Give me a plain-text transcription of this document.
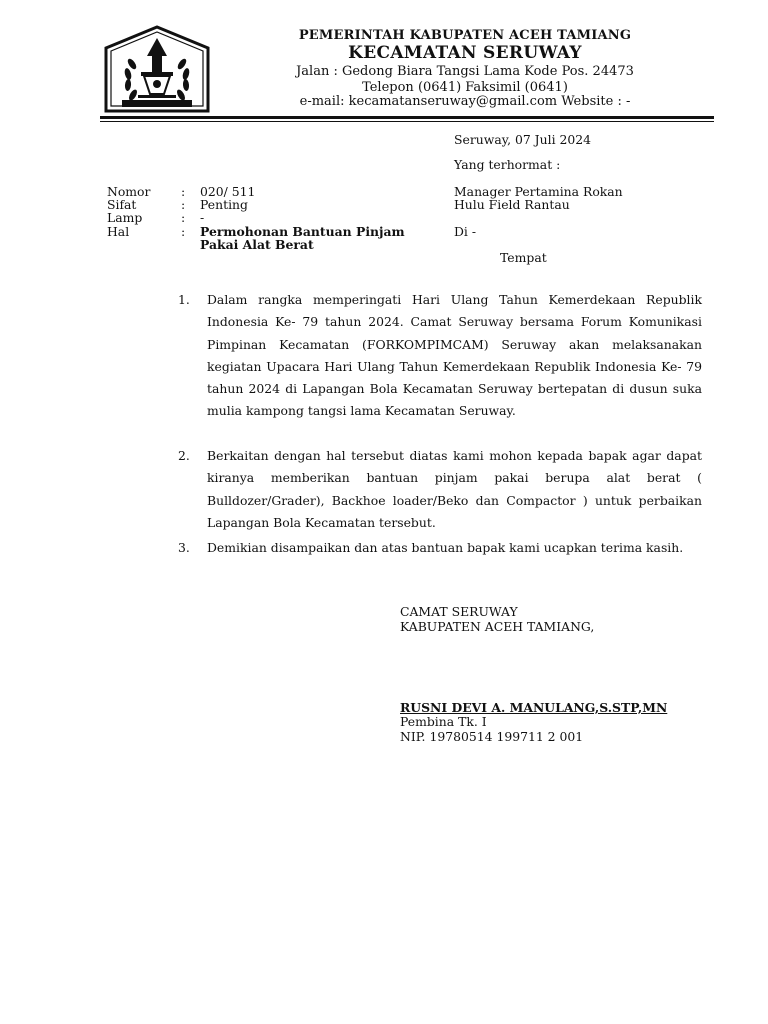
PEMERINTAH KABUPATEN ACEH TAMIANG
KECAMATAN SERUWAY
Jalan : Gedong Biara Tangsi Lama Kode Pos. 24473
Telepon (0641) Faksimil (0641)
e-mail: kecamatanseruway@gmail.com Website : -
Seruway, 07 Juli 2024
Yang terhormat :
Manager Pertamina Rokan
Hulu Field Rantau
Di -
Tempat
Nomor : 020/ 511
Sifat	: Penting
Lamp	: -
Hal	: Permohonan Bantuan Pinjam
Pakai Alat Berat
1. Dalam rangka memperingati Hari Ulang Tahun Kemerdekaan Republik Indonesia Ke- 79 tahun 2024. Camat Seruway bersama Forum Komunikasi Pimpinan Kecamatan (FORKOMPIMCAM) Seruway akan melaksanakan kegiatan Upacara Hari Ulang Tahun Kemerdekaan Republik Indonesia Ke- 79 tahun 2024 di Lapangan Bola Kecamatan Seruway bertepatan di dusun suka mulia kampong tangsi lama Kecamatan Seruway.
2. Berkaitan dengan hal tersebut diatas kami mohon kepada bapak agar dapat kiranya memberikan bantuan pinjam pakai berupa alat berat ( Bulldozer/Grader), Backhoe loader/Beko dan Compactor ) untuk perbaikan Lapangan Bola Kecamatan tersebut.
3. Demikian disampaikan dan atas bantuan bapak kami ucapkan terima kasih.
CAMAT SERUWAY
KABUPATEN ACEH TAMIANG,
RUSNI DEVI A. MANULANG,S.STP,MN
Pembina Tk. I
NIP. 19780514 199711 2 001
